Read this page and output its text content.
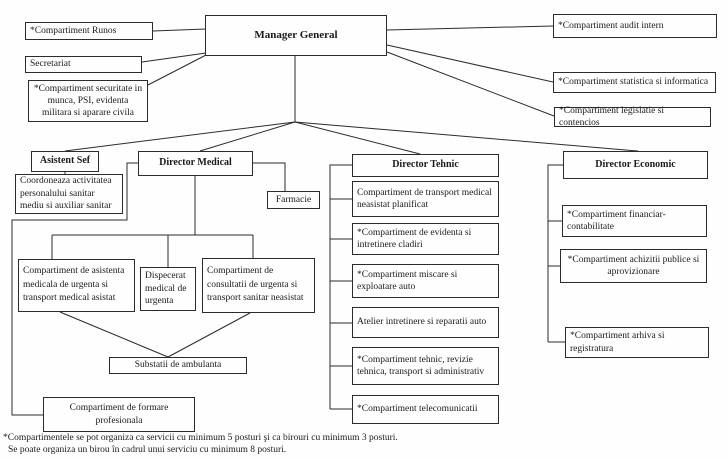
Manager General
*Compartiment Runos
Secretariat
*Compartiment securitate in munca, PSI, evidenta militara si aparare civila
*Compartiment audit intern
*Compartiment statistica si informatica
*Compartiment legislatie si contencios
Asistent Sef
Coordoneaza activitatea personalului sanitar mediu si auxiliar sanitar
Director Medical	Director Tehnic	Director Economic
Farmacie
Compartiment de asistenta medicala de urgenta si transport medical asistat
Dispecerat medical de urgenta
Compartiment de consultatii de urgenta si transport sanitar neasistat
Substatii de ambulanta
Compartiment de formare profesionala
Compartiment de transport medical neasistat planificat
*Compartiment de evidenta si intretinere cladiri
*Compartiment miscare si exploatare auto
Atelier intretinere si reparatii auto
*Compartiment tehnic, revizie tehnica, transport si administrativ
*Compartiment telecomunicatii
*Compartiment financiar-contabilitate
*Compartiment achizitii publice si aprovizionare
*Compartiment arhiva si registratura
*Compartimentele se pot organiza ca servicii cu minimum 5 posturi şi ca birouri cu minimum 3 posturi.
Se poate organiza un birou în cadrul unui serviciu cu minimum 8 posturi.
